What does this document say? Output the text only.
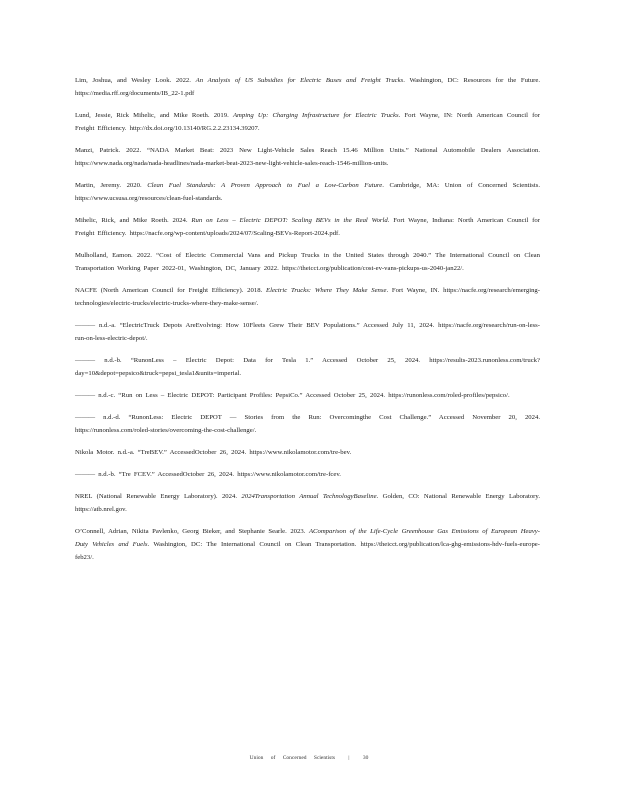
Lim, Joshua, and Wesley Look. 2022. An Analysis of US Subsidies for Electric Buses and Freight Trucks. Washington, DC: Resources for the Future. https://media.rff.org/documents/IB_22-1.pdf

Lund, Jessie, Rick Mihelic, and Mike Roeth. 2019. Amping Up: Charging Infrastructure for Electric Trucks. Fort Wayne, IN: North American Council for Freight Efficiency. http://dx.doi.org/10.13140/RG.2.2.23134.39207.

Manzi, Patrick. 2022. “NADA Market Beat: 2023 New Light-Vehicle Sales Reach 15.46 Million Units.” National Automobile Dealers Association. https://www.nada.org/nada/nada-headlines/nada-market-beat-2023-new-light-vehicle-sales-reach-1546-million-units.

Martin, Jeremy. 2020. Clean Fuel Standards: A Proven Approach to Fuel a Low-Carbon Future. Cambridge, MA: Union of Concerned Scientists. https://www.ucsusa.org/resources/clean-fuel-standards.

Mihelic, Rick, and Mike Roeth. 2024. Run on Less – Electric DEPOT: Scaling BEVs in the Real World. Fort Wayne, Indiana: North American Council for Freight Efficiency. https://nacfe.org/wp-content/uploads/2024/07/Scaling-BEVs-Report-2024.pdf.

Mulholland, Eamon. 2022. “Cost of Electric Commercial Vans and Pickup Trucks in the United States through 2040.” The International Council on Clean Transportation Working Paper 2022-01, Washington, DC, January 2022. https://theicct.org/publication/cost-ev-vans-pickups-us-2040-jan22/.

NACFE (North American Council for Freight Efficiency). 2018. Electric Trucks: Where They Make Sense. Fort Wayne, IN. https://nacfe.org/research/emerging-technologies/electric-trucks/electric-trucks-where-they-make-sense/.

——— n.d.-a. “ElectricTruck Depots AreEvolving: How 10Fleets Grew Their BEV Populations.” Accessed July 11, 2024. https://nacfe.org/research/run-on-less-run-on-less-electric-depot/.

——— n.d.-b. “RunonLess – Electric Depot: Data for Tesla 1.” Accessed October 25, 2024. https://results-2023.runonless.com/truck?day=10&depot=pepsico&truck=pepsi_tesla1&units=imperial.

——— n.d.-c. “Run on Less – Electric DEPOT: Participant Profiles: PepsiCo.” Accessed October 25, 2024. https://runonless.com/roled-profiles/pepsico/.

——— n.d.-d. “RunonLess: Electric DEPOT — Stories from the Run: Overcomingthe Cost Challenge.” Accessed November 20, 2024. https://runonless.com/roled-stories/overcoming-the-cost-challenge/.

Nikola Motor. n.d.-a. “TreBEV.” AccessedOctober 26, 2024. https://www.nikolamotor.com/tre-bev.

——— n.d.-b. “Tre FCEV.” AccessedOctober 26, 2024. https://www.nikolamotor.com/tre-fcev.

NREL (National Renewable Energy Laboratory). 2024. 2024Transportation Annual TechnologyBaseline. Golden, CO: National Renewable Energy Laboratory. https://atb.nrel.gov.

O’Connell, Adrian, Nikita Pavlenko, Georg Bieker, and Stephanie Searle. 2023. AComparison of the Life-Cycle Greenhouse Gas Emissions of European Heavy-Duty Vehicles and Fuels. Washington, DC: The International Council on Clean Transportation. https://theicct.org/publication/lca-ghg-emissions-hdv-fuels-europe-feb23/.

Union of Concerned Scientists | 30
